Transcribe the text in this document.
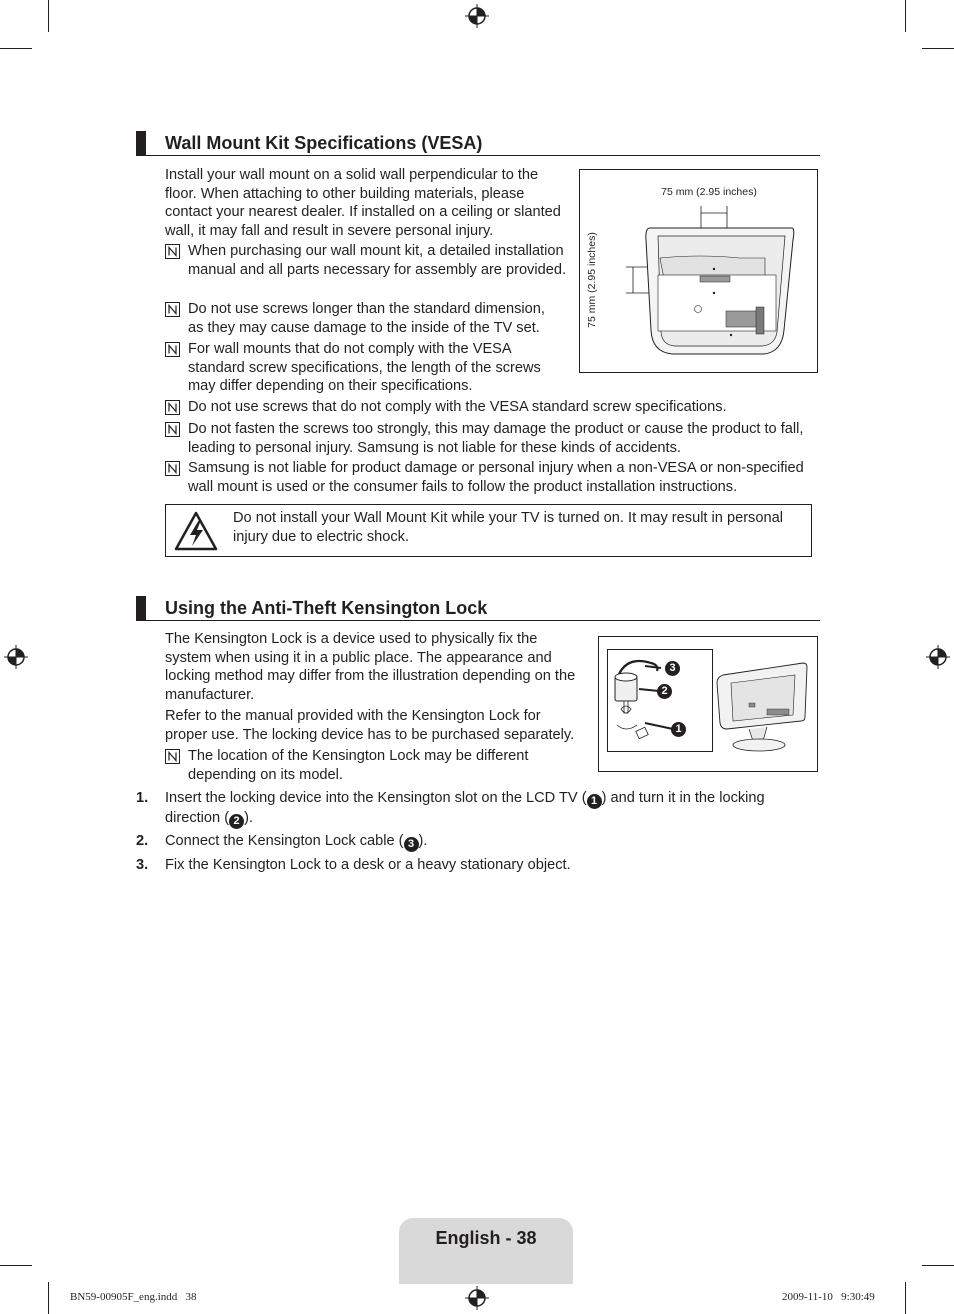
Wall Mount Kit Specifications (VESA)
Install your wall mount on a solid wall perpendicular to the floor. When attaching to other building materials, please contact your nearest dealer. If installed on a ceiling or slanted wall, it may fall and result in severe personal injury.
When purchasing our wall mount kit, a detailed installation manual and all parts necessary for assembly are provided.
Do not use screws longer than the standard dimension, as they may cause damage to the inside of the TV set.
For wall mounts that do not comply with the VESA standard screw specifications, the length of the screws may differ depending on their specifications.
Do not use screws that do not comply with the VESA standard screw specifications.
Do not fasten the screws too strongly, this may damage the product or cause the product to fall, leading to personal injury. Samsung is not liable for these kinds of accidents.
Samsung is not liable for product damage or personal injury when a non-VESA or non-specified wall mount is used or the consumer fails to follow the product installation instructions.
75 mm (2.95 inches)
75 mm (2.95 inches)
Do not install your Wall Mount Kit while your TV is turned on. It may result in personal injury due to electric shock.
Using the Anti-Theft Kensington Lock
The Kensington Lock is a device used to physically fix the system when using it in a public place. The appearance and locking method may differ from the illustration depending on the manufacturer.
Refer to the manual provided with the Kensington Lock for proper use. The locking device has to be purchased separately.
The location of the Kensington Lock may be different depending on its model.
3
2
1
1. Insert the locking device into the Kensington slot on the LCD TV ( 1 ) and turn it in the locking
direction ( 2 ).
2. Connect the Kensington Lock cable ( 3 ).
3. Fix the Kensington Lock to a desk or a heavy stationary object.
English - 38
BN59-00905F_eng.indd   38	2009-11-10   9:30:49
